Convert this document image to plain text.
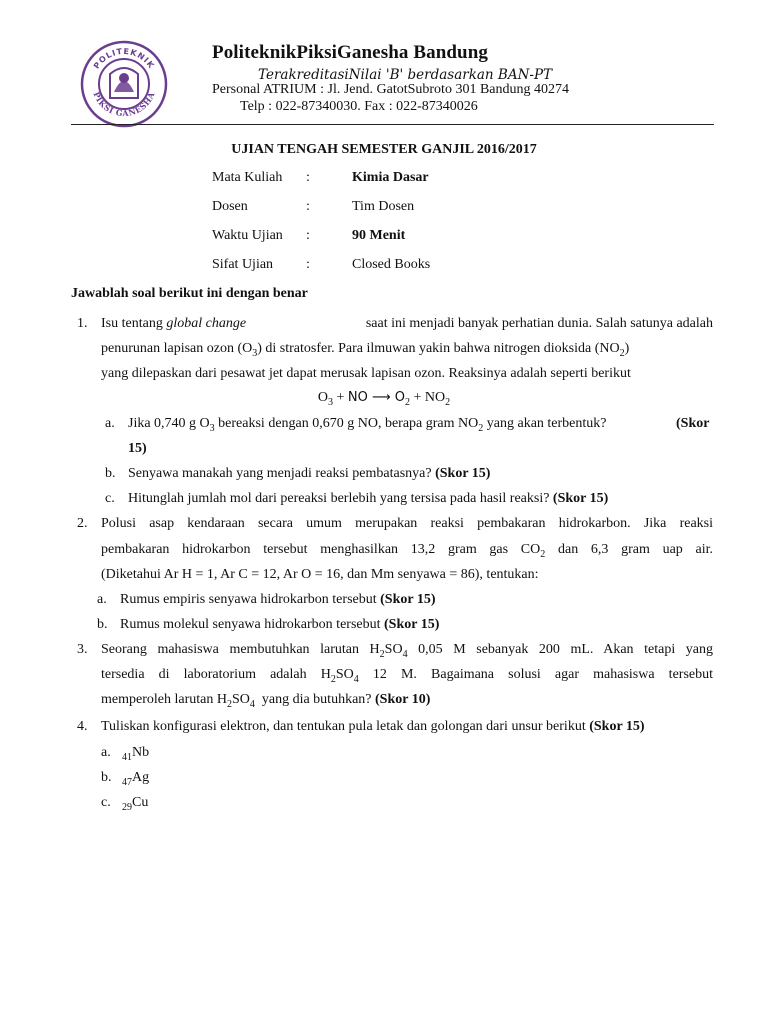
POLITEKNIK
PIKSI GANESHA
PoliteknikPiksiGanesha Bandung
TerakreditasiNilai 'B' berdasarkan BAN-PT
Personal ATRIUM : Jl. Jend. GatotSubroto 301 Bandung 40274
Telp : 022-87340030. Fax : 022-87340026
UJIAN TENGAH SEMESTER GANJIL 2016/2017
Mata Kuliah :	Kimia Dasar
Dosen	:	Tim Dosen
Waktu Ujian :	90 Menit
Sifat Ujian :	Closed Books
Jawablah soal berikut ini dengan benar
1. Isu tentang global change	saat ini menjadi banyak perhatian dunia. Salah satunya adalah
penurunan lapisan ozon $(O_3)$ di stratosfer. Para ilmuwan yakin bahwa nitrogen dioksida $(NO_2)$
yang dilepaskan dari pesawat jet dapat merusak lapisan ozon. Reaksinya adalah seperti berikut
$O_3$ + NO ⟶ $O_2 + NO_2$
a. Jika 0,740 g $O_3$ bereaksi dengan 0,670 g NO, berapa gram $NO_2$ yang akan terbentuk?	(Skor
15)
b. Senyawa manakah yang menjadi reaksi pembatasnya? (Skor 15)
c. Hitunglah jumlah mol dari pereaksi berlebih yang tersisa pada hasil reaksi? (Skor 15)
2. Polusi asap kendaraan secara umum merupakan reaksi pembakaran hidrokarbon. Jika reaksi
pembakaran hidrokarbon tersebut menghasilkan 13,2 gram gas $CO_2$ dan 6,3 gram uap air.
(Diketahui Ar H = 1, Ar C = 12, Ar O = 16, dan Mm senyawa = 86), tentukan:
a. Rumus empiris senyawa hidrokarbon tersebut (Skor 15)
b. Rumus molekul senyawa hidrokarbon tersebut (Skor 15)
3. Seorang mahasiswa membutuhkan larutan $H_2SO_4$ 0,05 M sebanyak 200 mL. Akan tetapi yang
tersedia di laboratorium adalah $H_2SO_4$ 12 M. Bagaimana solusi agar mahasiswa tersebut
memperoleh larutan $H_2SO_4$  yang dia butuhkan? (Skor 10)
4. Tuliskan konfigurasi elektron, dan tentukan pula letak dan golongan dari unsur berikut (Skor 15)
a. $_{41}$Nb
b. $_{47}$Ag
c. $_{29}$Cu
